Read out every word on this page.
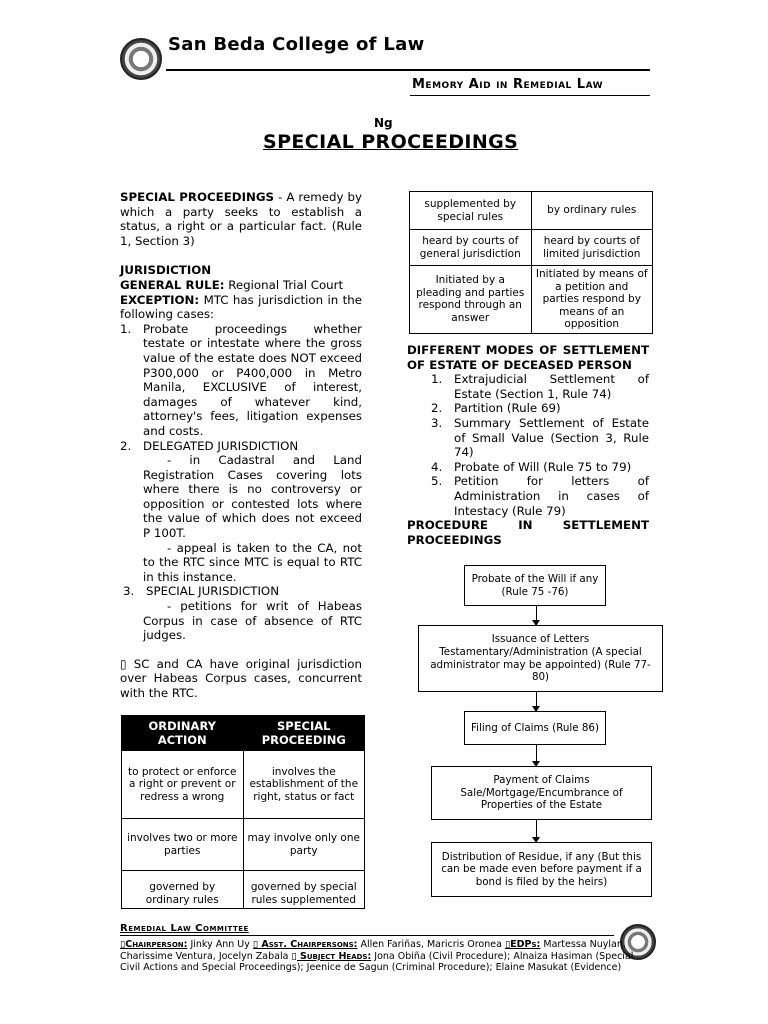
San Beda College of Law
Memory Aid in Remedial Law
Ng
SPECIAL PROCEEDINGS
SPECIAL PROCEEDINGS - A remedy by which a party seeks to establish a status, a right or a particular fact. (Rule 1, Section 3)
JURISDICTION
GENERAL RULE: Regional Trial Court
EXCEPTION: MTC has jurisdiction in the following cases:
1. Probate proceedings whether testate or intestate where the gross value of the estate does NOT exceed P300,000 or P400,000 in Metro Manila, EXCLUSIVE of interest, damages of whatever kind, attorney's fees, litigation expenses and costs.
2. DELEGATED JURISDICTION
- in Cadastral and Land Registration Cases covering lots where there is no controversy or opposition or contested lots where the value of which does not exceed P 100T.
- appeal is taken to the CA, not to the RTC since MTC is equal to RTC in this instance.
3. SPECIAL JURISDICTION
- petitions for writ of Habeas Corpus in case of absence of RTC judges.
▯ SC and CA have original jurisdiction over Habeas Corpus cases, concurrent with the RTC.
ORDINARY ACTION	SPECIAL PROCEEDING
to protect or enforce a right or prevent or redress a wrong	involves the establishment of the right, status or fact
involves two or more parties	may involve only one party
governed by ordinary rules	governed by special rules supplemented
supplemented by special rules	by ordinary rules
heard by courts of general jurisdiction	heard by courts of limited jurisdiction
Initiated by a pleading and parties respond through an answer	Initiated by means of a petition and parties respond by means of an opposition
DIFFERENT MODES OF SETTLEMENT OF ESTATE OF DECEASED PERSON
1. Extrajudicial Settlement of Estate (Section 1, Rule 74)
2. Partition (Rule 69)
3. Summary Settlement of Estate of Small Value (Section 3, Rule 74)
4. Probate of Will (Rule 75 to 79)
5. Petition for letters of Administration in cases of Intestacy (Rule 79)
PROCEDURE IN SETTLEMENT PROCEEDINGS
Probate of the Will if any (Rule 75 -76)
Issuance of Letters Testamentary/Administration (A special administrator may be appointed) (Rule 77-80)
Filing of Claims (Rule 86)
Payment of Claims Sale/Mortgage/Encumbrance of Properties of the Estate
Distribution of Residue, if any (But this can be made even before payment if a bond is filed by the heirs)
Remedial Law Committee
▯Chairperson: Jinky Ann Uy ▯ Asst. Chairpersons: Allen Fariñas, Maricris Oronea ▯EDPs: Martessa Nuylan, Charissime Ventura, Jocelyn Zabala ▯ Subject Heads: Jona Obiña (Civil Procedure); Alnaiza Hasiman (Special Civil Actions and Special Proceedings); Jeenice de Sagun (Criminal Procedure); Elaine Masukat (Evidence)
